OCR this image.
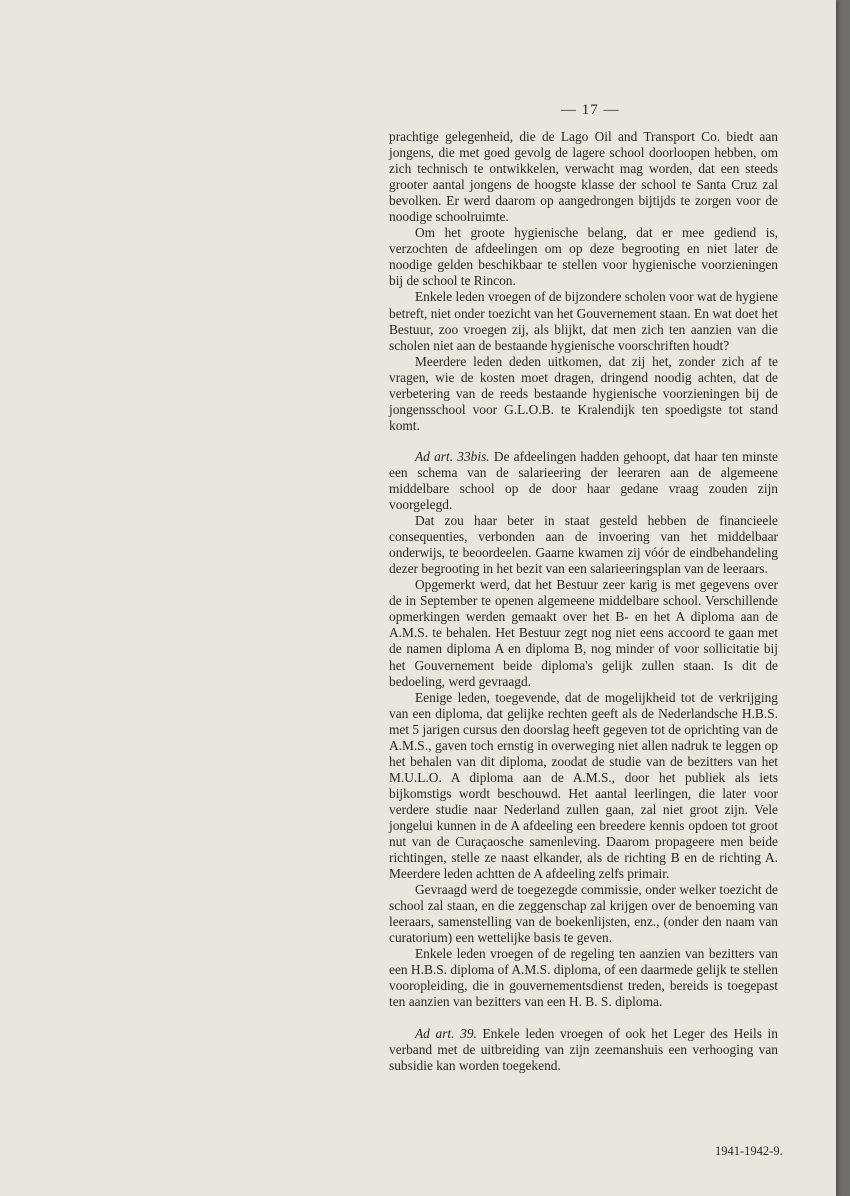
— 17 —

prachtige gelegenheid, die de Lago Oil and Transport Co. biedt aan jongens, die met goed gevolg de lagere school doorloopen hebben, om zich technisch te ontwikkelen, verwacht mag worden, dat een steeds grooter aantal jongens de hoogste klasse der school te Santa Cruz zal bevolken. Er werd daarom op aangedrongen bijtijds te zorgen voor de noodige schoolruimte.

Om het groote hygienische belang, dat er mee gediend is, verzochten de afdeelingen om op deze begrooting en niet later de noodige gelden beschikbaar te stellen voor hygienische voorzieningen bij de school te Rincon.

Enkele leden vroegen of de bijzondere scholen voor wat de hygiene betreft, niet onder toezicht van het Gouvernement staan. En wat doet het Bestuur, zoo vroegen zij, als blijkt, dat men zich ten aanzien van die scholen niet aan de bestaande hygienische voorschriften houdt?

Meerdere leden deden uitkomen, dat zij het, zonder zich af te vragen, wie de kosten moet dragen, dringend noodig achten, dat de verbetering van de reeds bestaande hygienische voorzieningen bij de jongensschool voor G.L.O.B. te Kralendijk ten spoedigste tot stand komt.

Ad art. 33bis. De afdeelingen hadden gehoopt, dat haar ten minste een schema van de salarieering der leeraren aan de algemeene middelbare school op de door haar gedane vraag zouden zijn voorgelegd.

Dat zou haar beter in staat gesteld hebben de financieele consequenties, verbonden aan de invoering van het middelbaar onderwijs, te beoordeelen. Gaarne kwamen zij vóór de eindbehandeling dezer begrooting in het bezit van een salarieeringsplan van de leeraars.

Opgemerkt werd, dat het Bestuur zeer karig is met gegevens over de in September te openen algemeene middelbare school. Verschillende opmerkingen werden gemaakt over het B- en het A diploma aan de A.M.S. te behalen. Het Bestuur zegt nog niet eens accoord te gaan met de namen diploma A en diploma B, nog minder of voor sollicitatie bij het Gouvernement beide diploma's gelijk zullen staan. Is dit de bedoeling, werd gevraagd.

Eenige leden, toegevende, dat de mogelijkheid tot de verkrijging van een diploma, dat gelijke rechten geeft als de Nederlandsche H.B.S. met 5 jarigen cursus den doorslag heeft gegeven tot de oprichting van de A.M.S., gaven toch ernstig in overweging niet allen nadruk te leggen op het behalen van dit diploma, zoodat de studie van de bezitters van het M.U.L.O. A diploma aan de A.M.S., door het publiek als iets bijkomstigs wordt beschouwd. Het aantal leerlingen, die later voor verdere studie naar Nederland zullen gaan, zal niet groot zijn. Vele jongelui kunnen in de A afdeeling een breedere kennis opdoen tot groot nut van de Curaçaosche samenleving. Daarom propageere men beide richtingen, stelle ze naast elkander, als de richting B en de richting A. Meerdere leden achtten de A afdeeling zelfs primair.

Gevraagd werd de toegezegde commissie, onder welker toezicht de school zal staan, en die zeggenschap zal krijgen over de benoeming van leeraars, samenstelling van de boekenlijsten, enz., (onder den naam van curatorium) een wettelijke basis te geven.

Enkele leden vroegen of de regeling ten aanzien van bezitters van een H.B.S. diploma of A.M.S. diploma, of een daarmede gelijk te stellen vooropleiding, die in gouvernementsdienst treden, bereids is toegepast ten aanzien van bezitters van een H. B. S. diploma.

Ad art. 39. Enkele leden vroegen of ook het Leger des Heils in verband met de uitbreiding van zijn zeemanshuis een verhooging van subsidie kan worden toegekend.

1941-1942-9.
